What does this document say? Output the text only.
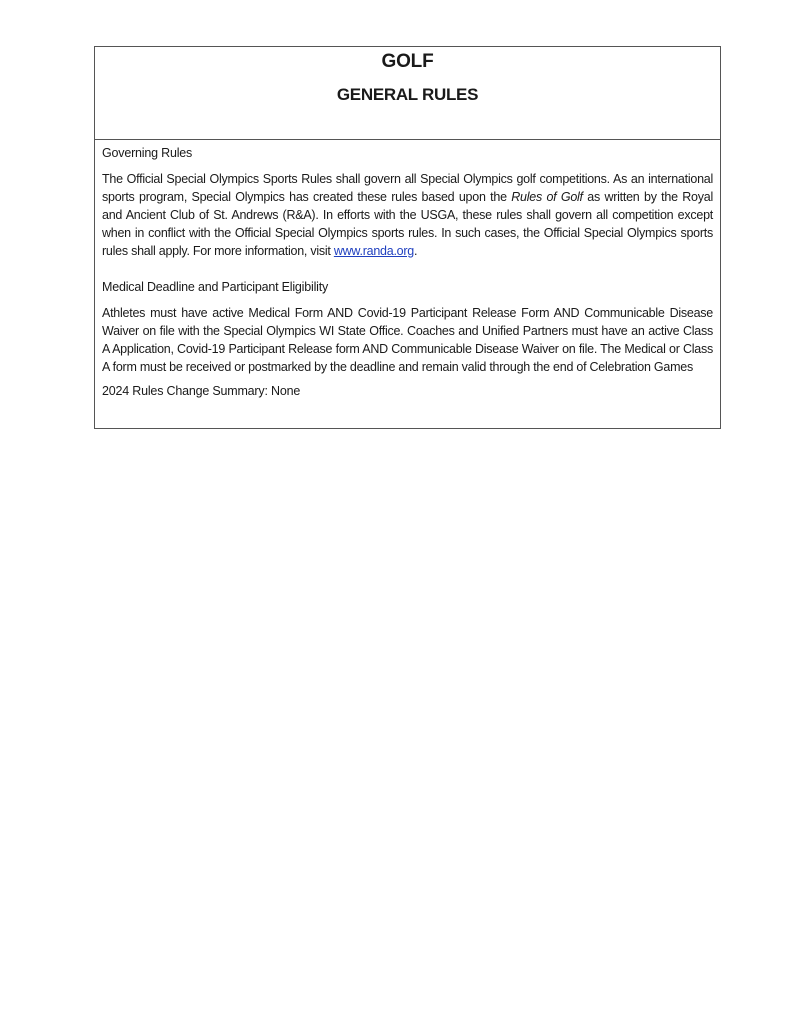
GOLF
GENERAL RULES

Governing Rules

The Official Special Olympics Sports Rules shall govern all Special Olympics golf competitions. As an international sports program, Special Olympics has created these rules based upon the Rules of Golf as written by the Royal and Ancient Club of St. Andrews (R&A). In efforts with the USGA, these rules shall govern all competition except when in conflict with the Official Special Olympics sports rules. In such cases, the Official Special Olympics sports rules shall apply. For more information, visit www.randa.org.

Medical Deadline and Participant Eligibility

Athletes must have active Medical Form AND Covid-19 Participant Release Form AND Communicable Disease Waiver on file with the Special Olympics WI State Office. Coaches and Unified Partners must have an active Class A Application, Covid-19 Participant Release form AND Communicable Disease Waiver on file. The Medical or Class A form must be received or postmarked by the deadline and remain valid through the end of Celebration Games

2024 Rules Change Summary: None
